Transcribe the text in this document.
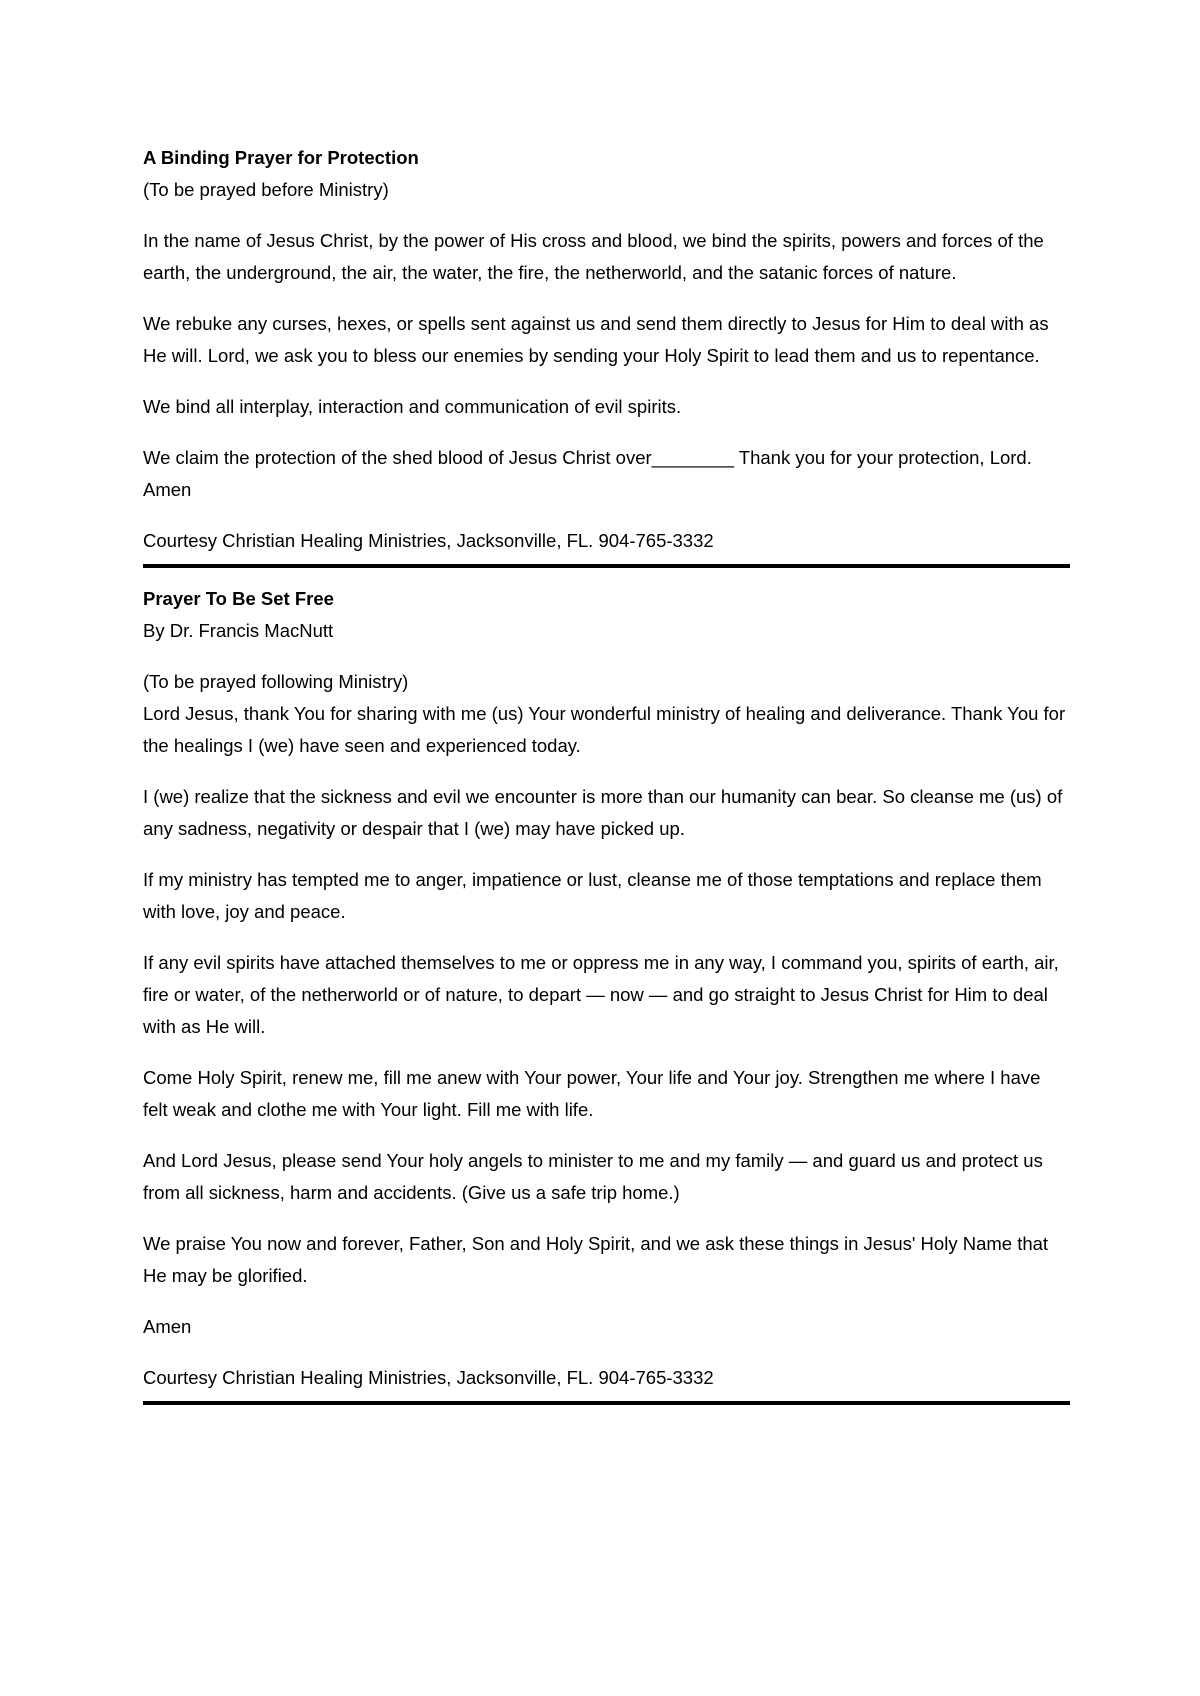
A Binding Prayer for Protection

(To be prayed before Ministry)

In the name of Jesus Christ, by the power of His cross and blood, we bind the spirits, powers and forces of the earth, the underground, the air, the water, the fire, the netherworld, and the satanic forces of nature.

We rebuke any curses, hexes, or spells sent against us and send them directly to Jesus for Him to deal with as He will. Lord, we ask you to bless our enemies by sending your Holy Spirit to lead them and us to repentance.

We bind all interplay, interaction and communication of evil spirits.

We claim the protection of the shed blood of Jesus Christ over________ Thank you for your protection, Lord. Amen

Courtesy Christian Healing Ministries, Jacksonville, FL. 904-765-3332

Prayer To Be Set Free

By Dr. Francis MacNutt

(To be prayed following Ministry)

Lord Jesus, thank You for sharing with me (us) Your wonderful ministry of healing and deliverance. Thank You for the healings I (we) have seen and experienced today.

I (we) realize that the sickness and evil we encounter is more than our humanity can bear. So cleanse me (us) of any sadness, negativity or despair that I (we) may have picked up.

If my ministry has tempted me to anger, impatience or lust, cleanse me of those temptations and replace them with love, joy and peace.

If any evil spirits have attached themselves to me or oppress me in any way, I command you, spirits of earth, air, fire or water, of the netherworld or of nature, to depart — now — and go straight to Jesus Christ for Him to deal with as He will.

Come Holy Spirit, renew me, fill me anew with Your power, Your life and Your joy. Strengthen me where I have felt weak and clothe me with Your light. Fill me with life.

And Lord Jesus, please send Your holy angels to minister to me and my family — and guard us and protect us from all sickness, harm and accidents. (Give us a safe trip home.)

We praise You now and forever, Father, Son and Holy Spirit, and we ask these things in Jesus' Holy Name that He may be glorified.

Amen

Courtesy Christian Healing Ministries, Jacksonville, FL. 904-765-3332
